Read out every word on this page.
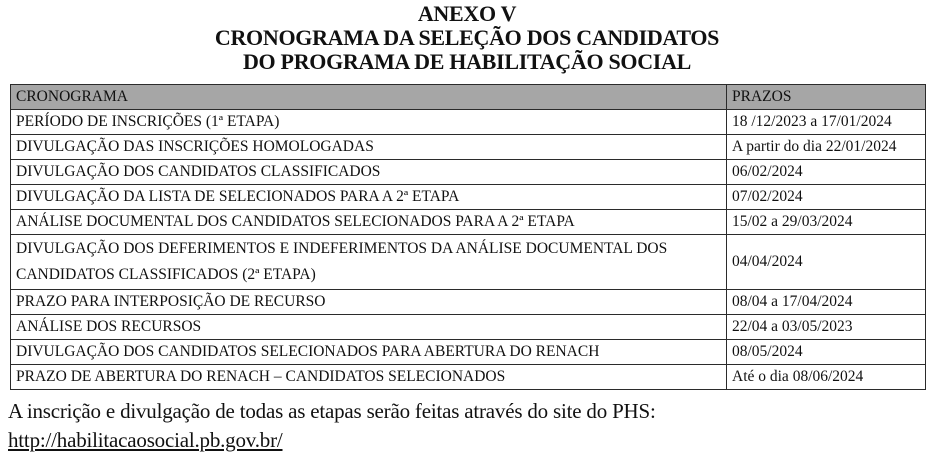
ANEXO V
CRONOGRAMA DA SELEÇÃO DOS CANDIDATOS
DO PROGRAMA DE HABILITAÇÃO SOCIAL
CRONOGRAMA	PRAZOS
PERÍODO DE INSCRIÇÕES (1ª ETAPA)	18 /12/2023 a 17/01/2024
DIVULGAÇÃO DAS INSCRIÇÕES HOMOLOGADAS	A partir do dia 22/01/2024
DIVULGAÇÃO DOS CANDIDATOS CLASSIFICADOS	06/02/2024
DIVULGAÇÃO DA LISTA DE SELECIONADOS PARA A 2ª ETAPA	07/02/2024
ANÁLISE DOCUMENTAL DOS CANDIDATOS SELECIONADOS PARA A 2ª ETAPA	15/02 a 29/03/2024
DIVULGAÇÃO DOS DEFERIMENTOS E INDEFERIMENTOS DA ANÁLISE DOCUMENTAL DOS CANDIDATOS CLASSIFICADOS (2ª ETAPA)	04/04/2024
PRAZO PARA INTERPOSIÇÃO DE RECURSO	08/04 a 17/04/2024
ANÁLISE DOS RECURSOS	22/04 a 03/05/2023
DIVULGAÇÃO DOS CANDIDATOS SELECIONADOS PARA ABERTURA DO RENACH	08/05/2024
PRAZO DE ABERTURA DO RENACH – CANDIDATOS SELECIONADOS	Até o dia 08/06/2024
A inscrição e divulgação de todas as etapas serão feitas através do site do PHS: http://habilitacaosocial.pb.gov.br/
